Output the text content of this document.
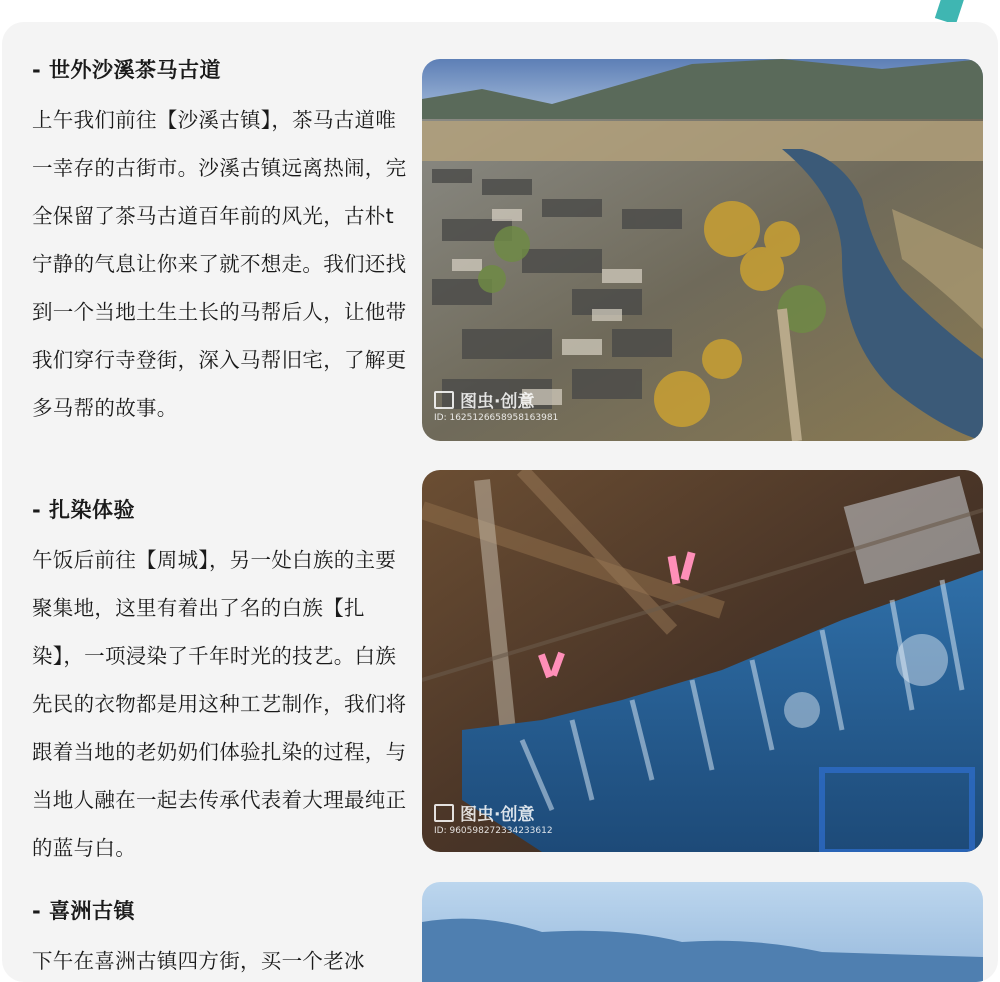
- 世外沙溪茶马古道

上午我们前往【沙溪古镇】，茶马古道唯一幸存的古街市。沙溪古镇远离热闹，完全保留了茶马古道百年前的风光，古朴t宁静的气息让你来了就不想走。我们还找到一个当地土生土长的马帮后人，让他带我们穿行寺登街，深入马帮旧宅，了解更多马帮的故事。	图虫·创意
ID: 1625126658958163981
- 扎染体验

午饭后前往【周城】，另一处白族的主要聚集地，这里有着出了名的白族【扎染】，一项浸染了千年时光的技艺。白族先民的衣物都是用这种工艺制作，我们将跟着当地的老奶奶们体验扎染的过程，与当地人融在一起去传承代表着大理最纯正的蓝与白。

图虫·创意
ID: 960598272334233612
- 喜洲古镇

下午在喜洲古镇四方街，买一个老冰
